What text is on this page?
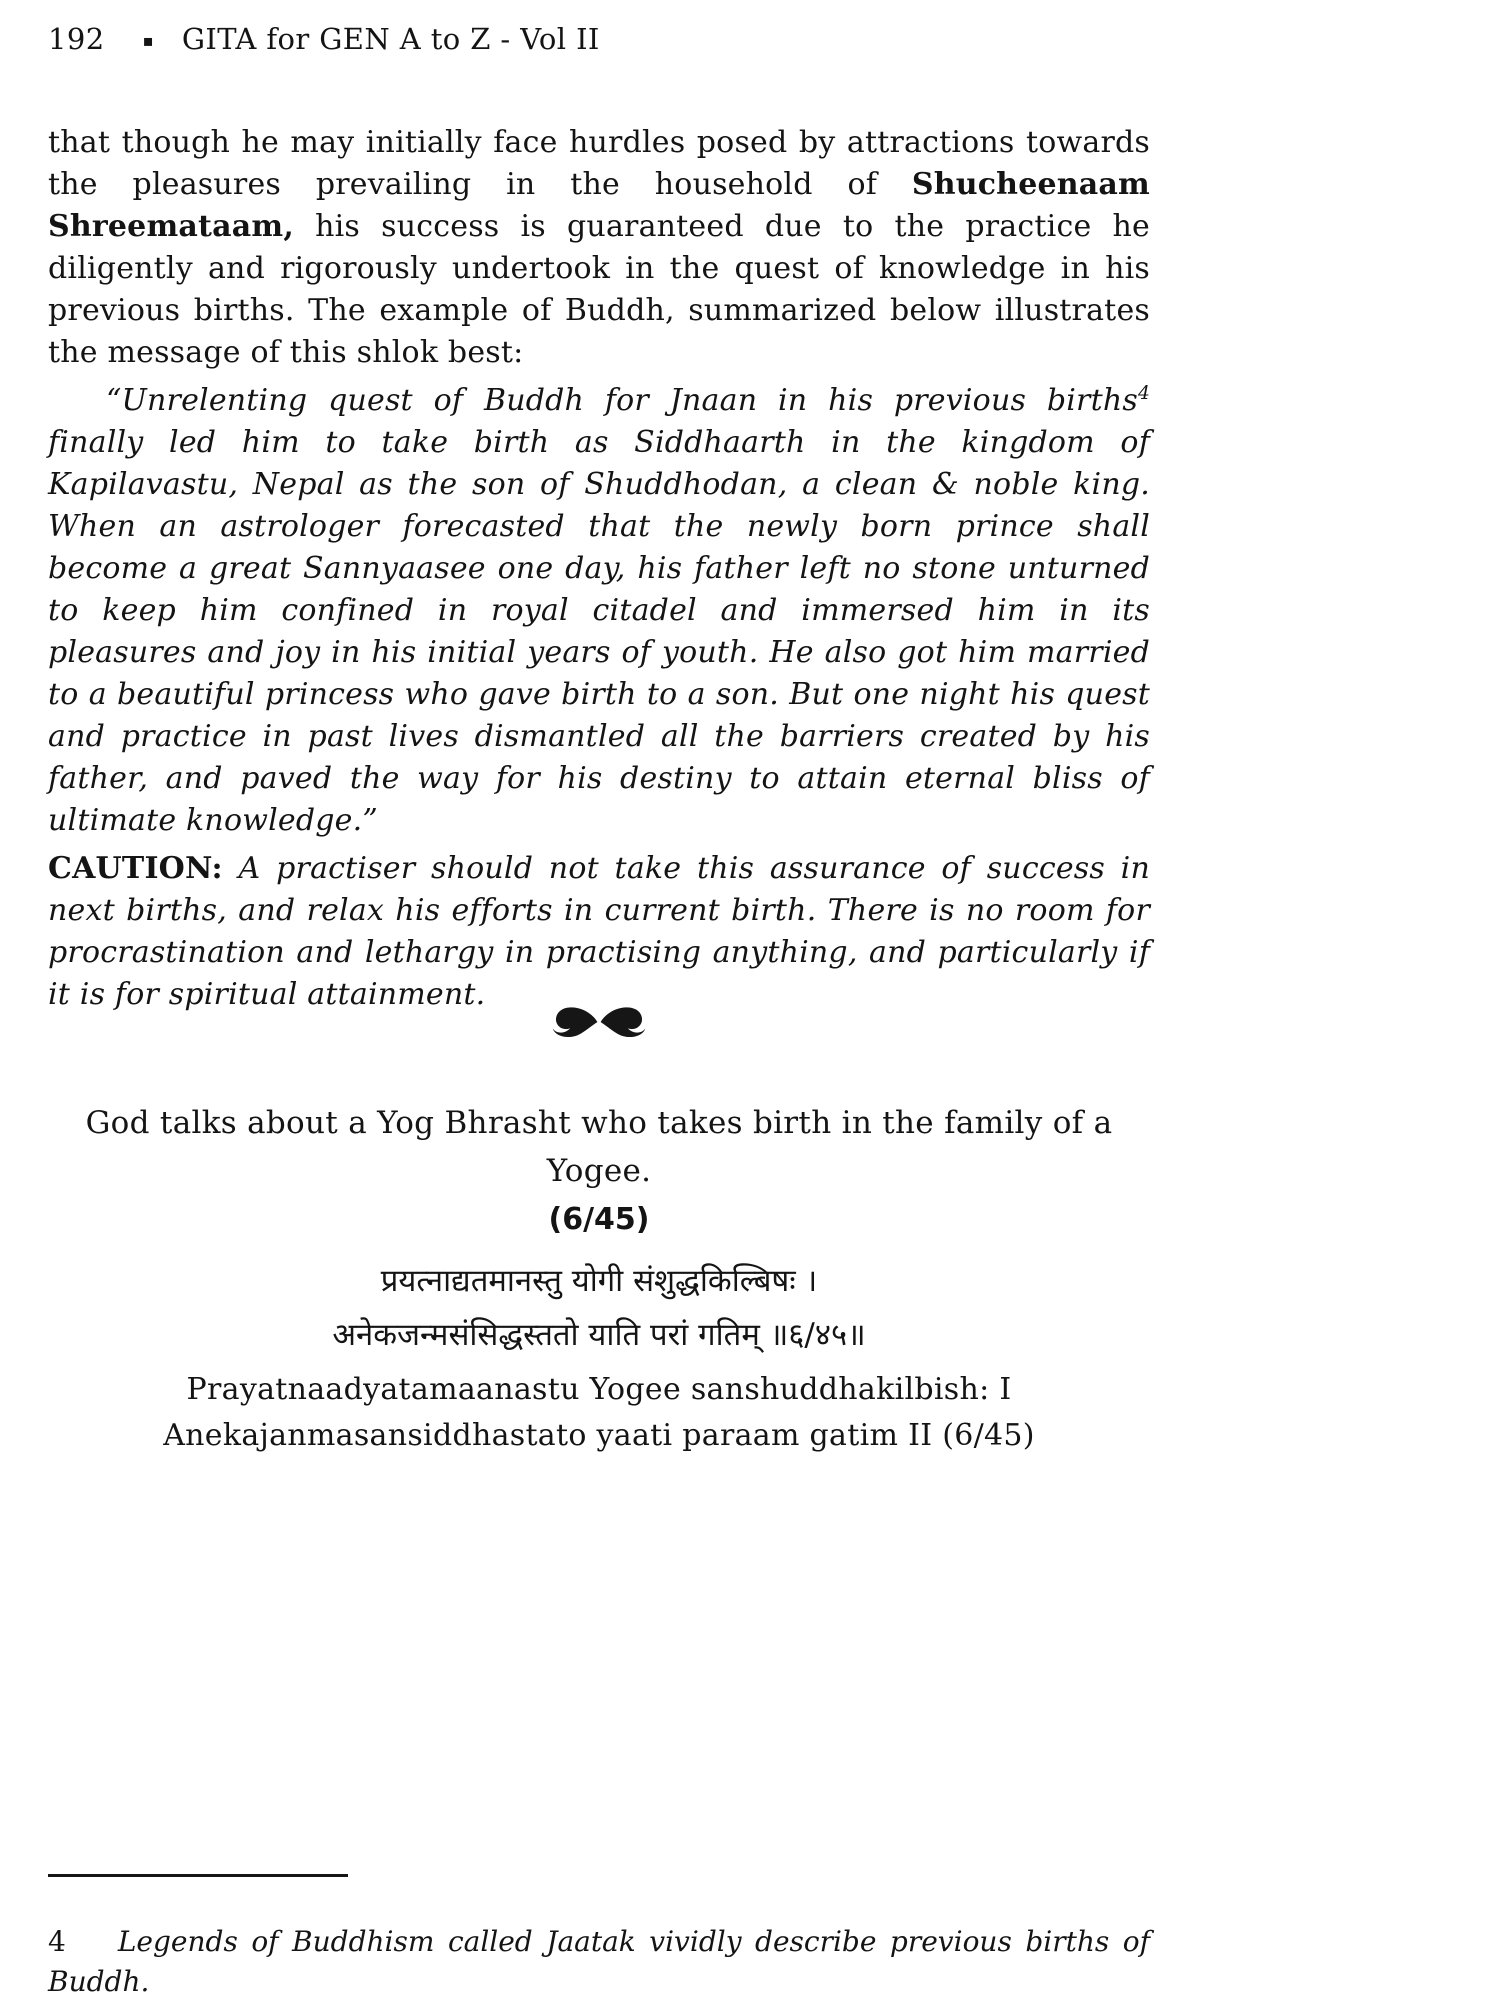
192 ▪ GITA for GEN A to Z - Vol II

that though he may initially face hurdles posed by attractions towards the pleasures prevailing in the household of Shucheenaam Shreemataam, his success is guaranteed due to the practice he diligently and rigorously undertook in the quest of knowledge in his previous births. The example of Buddh, summarized below illustrates the message of this shlok best:

“Unrelenting quest of Buddh for Jnaan in his previous births$^4$ finally led him to take birth as Siddhaarth in the kingdom of Kapilavastu, Nepal as the son of Shuddhodan, a clean & noble king. When an astrologer forecasted that the newly born prince shall become a great Sannyaasee one day, his father left no stone unturned to keep him confined in royal citadel and immersed him in its pleasures and joy in his initial years of youth. He also got him married to a beautiful princess who gave birth to a son. But one night his quest and practice in past lives dismantled all the barriers created by his father, and paved the way for his destiny to attain eternal bliss of ultimate knowledge.”

CAUTION: A practiser should not take this assurance of success in next births, and relax his efforts in current birth. There is no room for procrastination and lethargy in practising anything, and particularly if it is for spiritual attainment.

God talks about a Yog Bhrasht who takes birth in the family of a Yogee.

(6/45)

प्रयत्नाद्यतमानस्तु योगी संशुद्धकिल्बिषः ।

अनेकजन्मसंसिद्धस्ततो याति परां गतिम् ॥६/४५॥

Prayatnaadyatamaanastu Yogee sanshuddhakilbish: I

Anekajanmasansiddhastato yaati paraam gatim II (6/45)

4 Legends of Buddhism called Jaatak vividly describe previous births of Buddh.
